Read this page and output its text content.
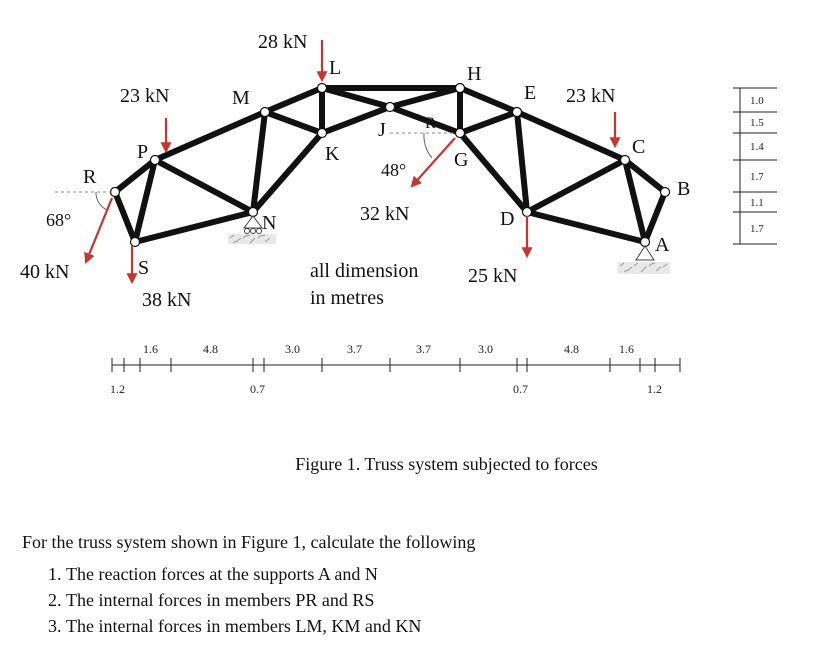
R
S
P
M
N
L
K
J
H
G
E
D
C
B
A
R
23 kN
28 kN
23 kN
40 kN
38 kN
32 kN
25 kN
68°
48°
all dimension
in metres
1.6	4.8	3.0	3.7	3.7	3.0	4.8	1.6
1.2	0.7	0.7	1.2
1.0
1.5
1.4
1.7
1.1
1.7
Figure 1. Truss system subjected to forces

For the truss system shown in Figure 1, calculate the following

1. The reaction forces at the supports A and N
2. The internal forces in members PR and RS
3. The internal forces in members LM, KM and KN
